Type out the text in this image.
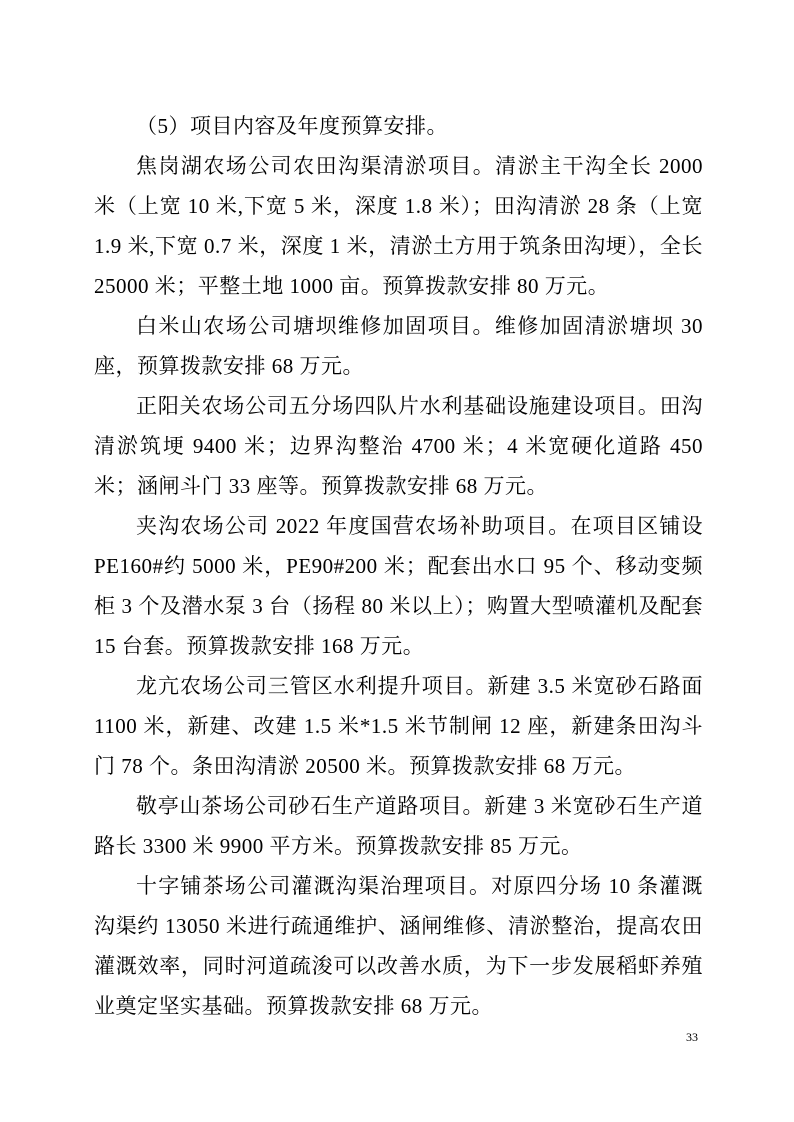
（5）项目内容及年度预算安排。

焦岗湖农场公司农田沟渠清淤项目。清淤主干沟全长 2000 米（上宽 10 米,下宽 5 米，深度 1.8 米）；田沟清淤 28 条（上宽 1.9 米,下宽 0.7 米，深度 1 米，清淤土方用于筑条田沟埂），全长 25000 米；平整土地 1000 亩。预算拨款安排 80 万元。

白米山农场公司塘坝维修加固项目。维修加固清淤塘坝 30 座，预算拨款安排 68 万元。

正阳关农场公司五分场四队片水利基础设施建设项目。田沟清淤筑埂 9400 米；边界沟整治 4700 米；4 米宽硬化道路 450 米；涵闸斗门 33 座等。预算拨款安排 68 万元。

夹沟农场公司 2022 年度国营农场补助项目。在项目区铺设 PE160#约 5000 米，PE90#200 米；配套出水口 95 个、移动变频柜 3 个及潜水泵 3 台（扬程 80 米以上）；购置大型喷灌机及配套 15 台套。预算拨款安排 168 万元。

龙亢农场公司三管区水利提升项目。新建 3.5 米宽砂石路面 1100 米，新建、改建 1.5 米*1.5 米节制闸 12 座，新建条田沟斗门 78 个。条田沟清淤 20500 米。预算拨款安排 68 万元。

敬亭山茶场公司砂石生产道路项目。新建 3 米宽砂石生产道路长 3300 米 9900 平方米。预算拨款安排 85 万元。

十字铺茶场公司灌溉沟渠治理项目。对原四分场 10 条灌溉沟渠约 13050 米进行疏通维护、涵闸维修、清淤整治，提高农田灌溉效率，同时河道疏浚可以改善水质，为下一步发展稻虾养殖业奠定坚实基础。预算拨款安排 68 万元。

33
